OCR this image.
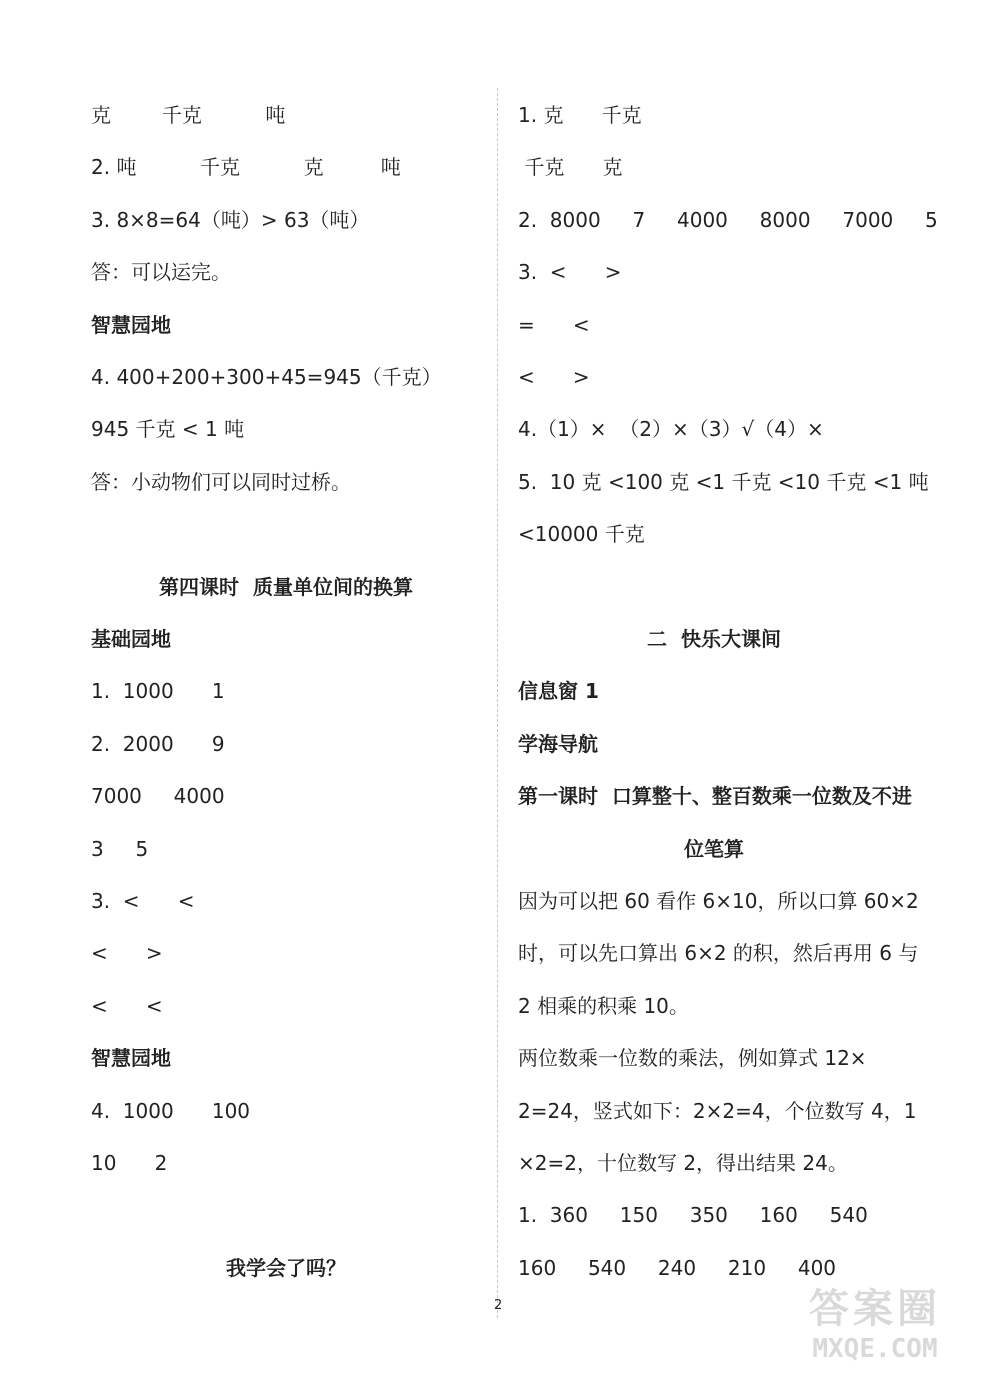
克        千克          吨
2. 吨          千克          克         吨
3. 8×8=64（吨）> 63（吨）
答：可以运完。
智慧园地
4. 400+200+300+45=945（千克）
945 千克 < 1 吨
答：小动物们可以同时过桥。
第四课时  质量单位间的换算
基础园地
1.  1000      1
2.  2000      9
7000     4000
3     5
3.  <      <
<      >
<      <
智慧园地
4.  1000      100
10      2
我学会了吗？
1. 克      千克
千克      克
2.  8000     7     4000     8000     7000     5
3.  <      >
=      <
<      >
4.（1）×  （2）×（3）√（4）×
5.  10 克 <100 克 <1 千克 <10 千克 <1 吨
<10000 千克
二  快乐大课间
信息窗 1
学海导航
第一课时  口算整十、整百数乘一位数及不进
位笔算
因为可以把 60 看作 6×10，所以口算 60×2
时，可以先口算出 6×2 的积，然后再用 6 与
2 相乘的积乘 10。
两位数乘一位数的乘法，例如算式 12×
2=24，竖式如下：2×2=4，个位数写 4，1
×2=2，十位数写 2，得出结果 24。
1.  360     150     350     160     540
160     540     240     210     400
2	答案圈
MXQE.COM
